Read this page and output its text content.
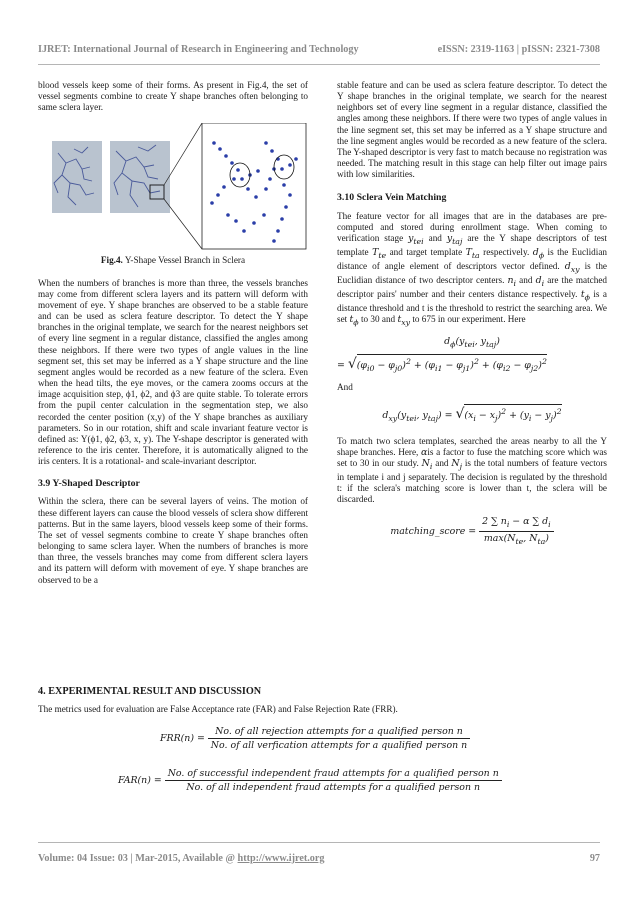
IJRET: International Journal of Research in Engineering and Technology	eISSN: 2319-1163 | pISSN: 2321-7308

blood vessels keep some of their forms. As present in Fig.4, the set of vessel segments combine to create Y shape branches often belonging to same sclera layer.

Fig.4. Y-Shape Vessel Branch in Sclera

When the numbers of branches is more than three, the vessels branches may come from different sclera layers and its pattern will deform with movement of eye. Y shape branches are observed to be a stable feature and can be used as sclera feature descriptor. To detect the Y shape branches in the original template, we search for the nearest neighbors set of every line segment in a regular distance, classified the angles among these neighbors. If there were two types of angle values in the line segment set, this set may be inferred as a Y shape structure and the line segment angles would be recorded as a new feature of the sclera. Even when the head tilts, the eye moves, or the camera zooms occurs at the image acquisition step, ϕ1, ϕ2, and ϕ3 are quite stable. To tolerate errors from the pupil center calculation in the segmentation step, we also recorded the center position (x,y) of the Y shape branches as auxiliary parameters. So in our rotation, shift and scale invariant feature vector is defined as: Y(ϕ1, ϕ2, ϕ3, x, y). The Y-shape descriptor is generated with reference to the iris center. Therefore, it is automatically aligned to the iris centers. It is a rotational- and scale-invariant descriptor.

3.9 Y-Shaped Descriptor

Within the sclera, there can be several layers of veins. The motion of these different layers can cause the blood vessels of sclera show different patterns. But in the same layers, blood vessels keep some of their forms. The set of vessel segments combine to create Y shape branches often belonging to same sclera layer. When the numbers of branches is more than three, the vessels branches may come from different sclera layers and its pattern will deform with movement of eye. Y shape branches are observed to be a

stable feature and can be used as sclera feature descriptor. To detect the Y shape branches in the original template, we search for the nearest neighbors set of every line segment in a regular distance, classified the angles among these neighbors. If there were two types of angle values in the line segment set, this set may be inferred as a Y shape structure and the line segment angles would be recorded as a new feature of the sclera. The Y-shaped descriptor is very fast to match because no registration was needed. The matching result in this stage can help filter out image pairs with low similarities.

3.10 Sclera Vein Matching

The feature vector for all images that are in the databases are pre-computed and stored during enrollment stage. When coming to verification stage $y_{tei}$ and $y_{taj}$ are the Y shape descriptors of test template $T_{te}$ and target template $T_{ta}$ respectively. $d_\phi$ is the Euclidian distance of angle element of descriptors vector defined. $d_{xy}$ is the Euclidian distance of two descriptor centers. $n_i$ and $d_i$ are the matched descriptor pairs' number and their centers distance respectively. $t_\phi$ is a distance threshold and t is the threshold to restrict the searching area. We set $t_\phi$ to 30 and $t_{xy}$ to 675 in our experiment. Here

$d_\phi(y_{tei}$, $y_{taj}$)
= $√(\varphi_{i0} - \varphi_{j0})^2 + (\varphi_{i1} - \varphi_{j1})^2 + (\varphi_{i2} - \varphi_{j2})^2$

And

$d_{xy}(y_{tei}$, $y_{taj}) = √(x_i - x_j)^2 + (y_i - y_j)^2$

To match two sclera templates, searched the areas nearby to all the Y shape branches. Here, αis a factor to fuse the matching score which was set to 30 in our study. $N_i$ and $N_j$ is the total numbers of feature vectors in template i and j separately. The decision is regulated by the threshold t: if the sclera's matching score is lower than t, the sclera will be discarded.

matching_score = $\frac{2 \sum n_i - \alpha \sum d_i}{\max(N_{te}, N_{ta})}$
4. EXPERIMENTAL RESULT AND DISCUSSION
The metrics used for evaluation are False Acceptance rate (FAR) and False Rejection Rate (FRR).
$FRR(n) = \frac{\text{No. of all rejection attempts for a qualified person n}}{\text{No. of all verfication attempts for a qualified person n}}$
FAR(n) =
No. of successful independent fraud attempts for a qualified person n
No. of all independent fraud attempts for a qualified person n
Volume: 04 Issue: 03 | Mar-2015, Available @ http://www.ijret.org	97
